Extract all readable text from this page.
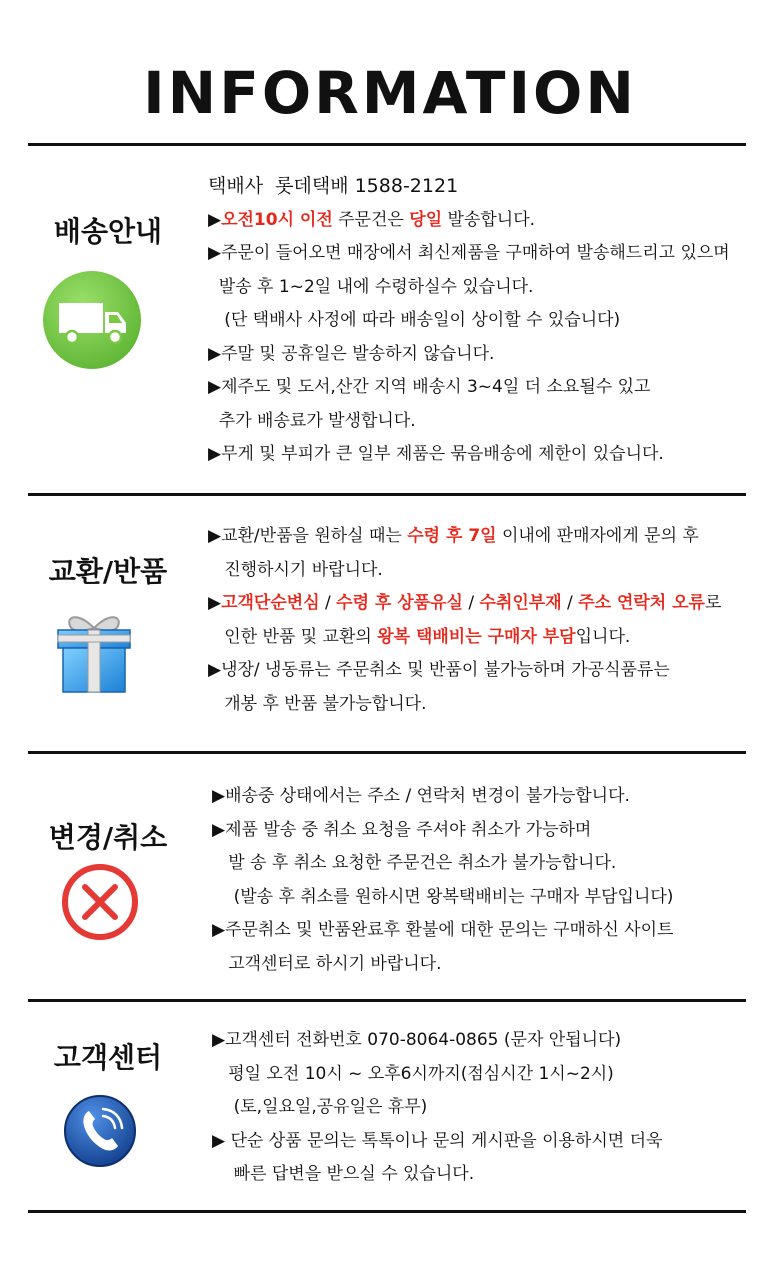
INFORMATION
배송안내
택배사  롯데택배 1588-2121
▶오전10시 이전 주문건은 당일 발송합니다.
▶주문이 들어오면 매장에서 최신제품을 구매하여 발송해드리고 있으며
발송 후 1~2일 내에 수령하실수 있습니다.
(단 택배사 사정에 따라 배송일이 상이할 수 있습니다)
▶주말 및 공휴일은 발송하지 않습니다.
▶제주도 및 도서,산간 지역 배송시 3~4일 더 소요될수 있고
추가 배송료가 발생합니다.
▶무게 및 부피가 큰 일부 제품은 묶음배송에 제한이 있습니다.
교환/반품
▶교환/반품을 원하실 때는 수령 후 7일 이내에 판매자에게 문의 후
진행하시기 바랍니다.
▶고객단순변심 / 수령 후 상품유실 / 수취인부재 / 주소 연락처 오류로
인한 반품 및 교환의 왕복 택배비는 구매자 부담입니다.
▶냉장/ 냉동류는 주문취소 및 반품이 불가능하며 가공식품류는
개봉 후 반품 불가능합니다.
변경/취소
▶배송중 상태에서는 주소 / 연락처 변경이 불가능합니다.
▶제품 발송 중 취소 요청을 주셔야 취소가 가능하며
발 송 후 취소 요청한 주문건은 취소가 불가능합니다.
(발송 후 취소를 원하시면 왕복택배비는 구매자 부담입니다)
▶주문취소 및 반품완료후 환불에 대한 문의는 구매하신 사이트
고객센터로 하시기 바랍니다.
고객센터
▶고객센터 전화번호 070-8064-0865 (문자 안됩니다)
평일 오전 10시 ~ 오후6시까지(점심시간 1시~2시)
(토,일요일,공유일은 휴무)
▶ 단순 상품 문의는 톡톡이나 문의 게시판을 이용하시면 더욱
빠른 답변을 받으실 수 있습니다.
